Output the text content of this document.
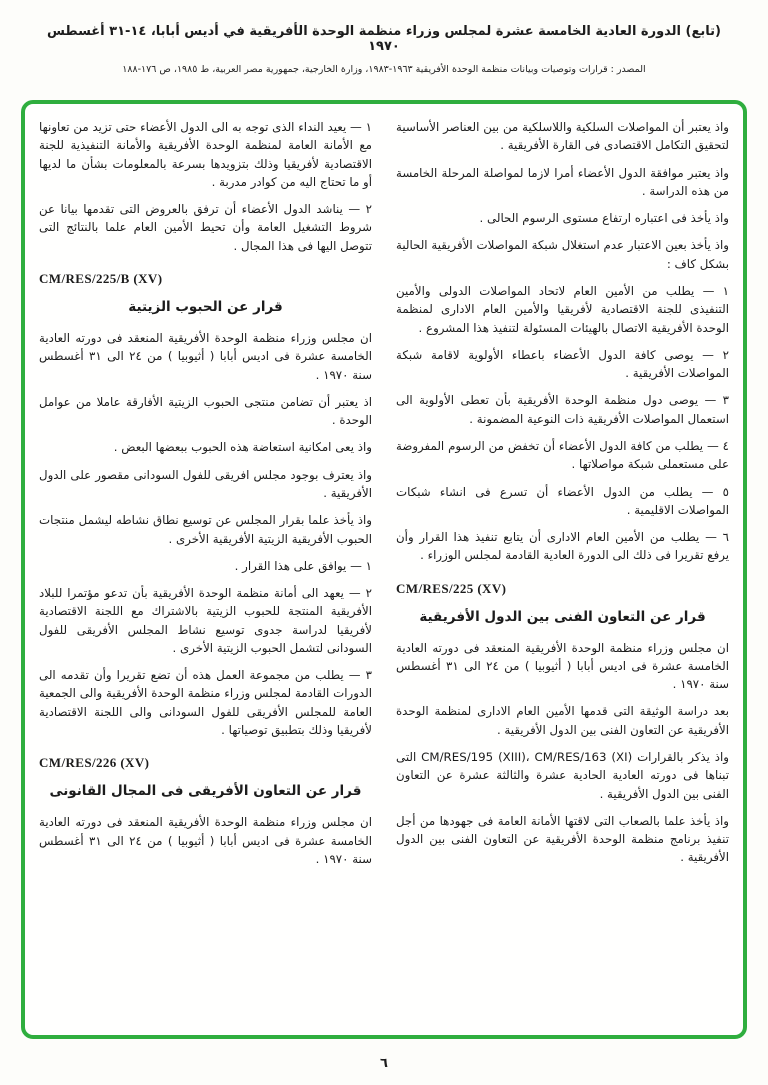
(تابع) الدورة العادية الخامسة عشرة لمجلس وزراء منظمة الوحدة الأفريقية في أديس أبابا، ١٤-٣١ أغسطس ١٩٧٠
المصدر : قرارات وتوصيات وبيانات منظمة الوحدة الأفريقية ١٩٦٣-١٩٨٣، وزارة الخارجية، جمهورية مصر العربية، ط ١٩٨٥، ص ١٧٦-١٨٨
واذ يعتبر أن المواصلات السلكية واللاسلكية من بين العناصر الأساسية لتحقيق التكامل الاقتصادى فى القارة الأفريقية .
واذ يعتبر موافقة الدول الأعضاء أمرا لازما لمواصلة المرحلة الخامسة من هذه الدراسة .
واذ يأخذ فى اعتباره ارتفاع مستوى الرسوم الحالى .
واذ يأخذ بعين الاعتبار عدم استغلال شبكة المواصلات الأفريقية الحالية بشكل كاف :
١ — يطلب من الأمين العام لاتحاد المواصلات الدولى والأمين التنفيذى للجنة الاقتصادية لأفريقيا والأمين العام الادارى لمنظمة الوحدة الأفريقية الاتصال بالهيئات المسئولة لتنفيذ هذا المشروع .
٢ — يوصى كافة الدول الأعضاء باعطاء الأولوية لاقامة شبكة المواصلات الأفريقية .
٣ — يوصى دول منظمة الوحدة الأفريقية بأن تعطى الأولوية الى استعمال المواصلات الأفريقية ذات النوعية المضمونة .
٤ — يطلب من كافة الدول الأعضاء أن تخفض من الرسوم المفروضة على مستعملى شبكة مواصلاتها .
٥ — يطلب من الدول الأعضاء أن تسرع فى انشاء شبكات المواصلات الاقليمية .
٦ — يطلب من الأمين العام الادارى أن يتابع تنفيذ هذا القرار وأن يرفع تقريرا فى ذلك الى الدورة العادية القادمة لمجلس الوزراء .
CM/RES/225 (XV)
قرار عن التعاون الفنى بين الدول الأفريقية
ان مجلس وزراء منظمة الوحدة الأفريقية المنعقد فى دورته العادية الخامسة عشرة فى اديس أبابا ( أثيوبيا ) من ٢٤ الى ٣١ أغسطس سنة ١٩٧٠ .
بعد دراسة الوثيقة التى قدمها الأمين العام الادارى لمنظمة الوحدة الأفريقية عن التعاون الفنى بين الدول الأفريقية .
واذ يذكر بالقرارات CM/RES/195 (XIII)، CM/RES/163 (XI) التى تبناها فى دورته العادية الحادية عشرة والثالثة عشرة عن التعاون الفنى بين الدول الأفريقية .
واذ يأخذ علما بالصعاب التى لاقتها الأمانة العامة فى جهودها من أجل تنفيذ برنامج منظمة الوحدة الأفريقية عن التعاون الفنى بين الدول الأفريقية .
١ — يعيد النداء الذى توجه به الى الدول الأعضاء حتى تزيد من تعاونها مع الأمانة العامة لمنظمة الوحدة الأفريقية والأمانة التنفيذية للجنة الاقتصادية لأفريقيا وذلك بتزويدها بسرعة بالمعلومات بشأن ما لديها أو ما تحتاج اليه من كوادر مدربة .
٢ — يناشد الدول الأعضاء أن ترفق بالعروض التى تقدمها بيانا عن شروط التشغيل العامة وأن تحيط الأمين العام علما بالنتائج التى تتوصل اليها فى هذا المجال .
CM/RES/225/B (XV)
قرار عن الحبوب الزيتية
ان مجلس وزراء منظمة الوحدة الأفريقية المنعقد فى دورته العادية الخامسة عشرة فى اديس أبابا ( أثيوبيا ) من ٢٤ الى ٣١ أغسطس سنة ١٩٧٠ .
اذ يعتبر أن تضامن منتجى الحبوب الزيتية الأفارقة عاملا من عوامل الوحدة .
واذ يعى امكانية استعاضة هذه الحبوب ببعضها البعض .
واذ يعترف بوجود مجلس افريقى للفول السودانى مقصور على الدول الأفريقية .
واذ يأخذ علما بقرار المجلس عن توسيع نطاق نشاطه ليشمل منتجات الحبوب الأفريقية الزيتية الأفريقية الأخرى .
١ — يوافق على هذا القرار .
٢ — يعهد الى أمانة منظمة الوحدة الأفريقية بأن تدعو مؤتمرا للبلاد الأفريقية المنتجة للحبوب الزيتية بالاشتراك مع اللجنة الاقتصادية لأفريقيا لدراسة جدوى توسيع نشاط المجلس الأفريقى للفول السودانى لتشمل الحبوب الزيتية الأخرى .
٣ — يطلب من مجموعة العمل هذه أن تضع تقريرا وأن تقدمه الى الدورات القادمة لمجلس وزراء منظمة الوحدة الأفريقية والى الجمعية العامة للمجلس الأفريقى للفول السودانى والى اللجنة الاقتصادية لأفريقيا وذلك بتطبيق توصياتها .
CM/RES/226 (XV)
قرار عن التعاون الأفريقى فى المجال القانونى
ان مجلس وزراء منظمة الوحدة الأفريقية المنعقد فى دورته العادية الخامسة عشرة فى اديس أبابا ( أثيوبيا ) من ٢٤ الى ٣١ أغسطس سنة ١٩٧٠ .
٦
